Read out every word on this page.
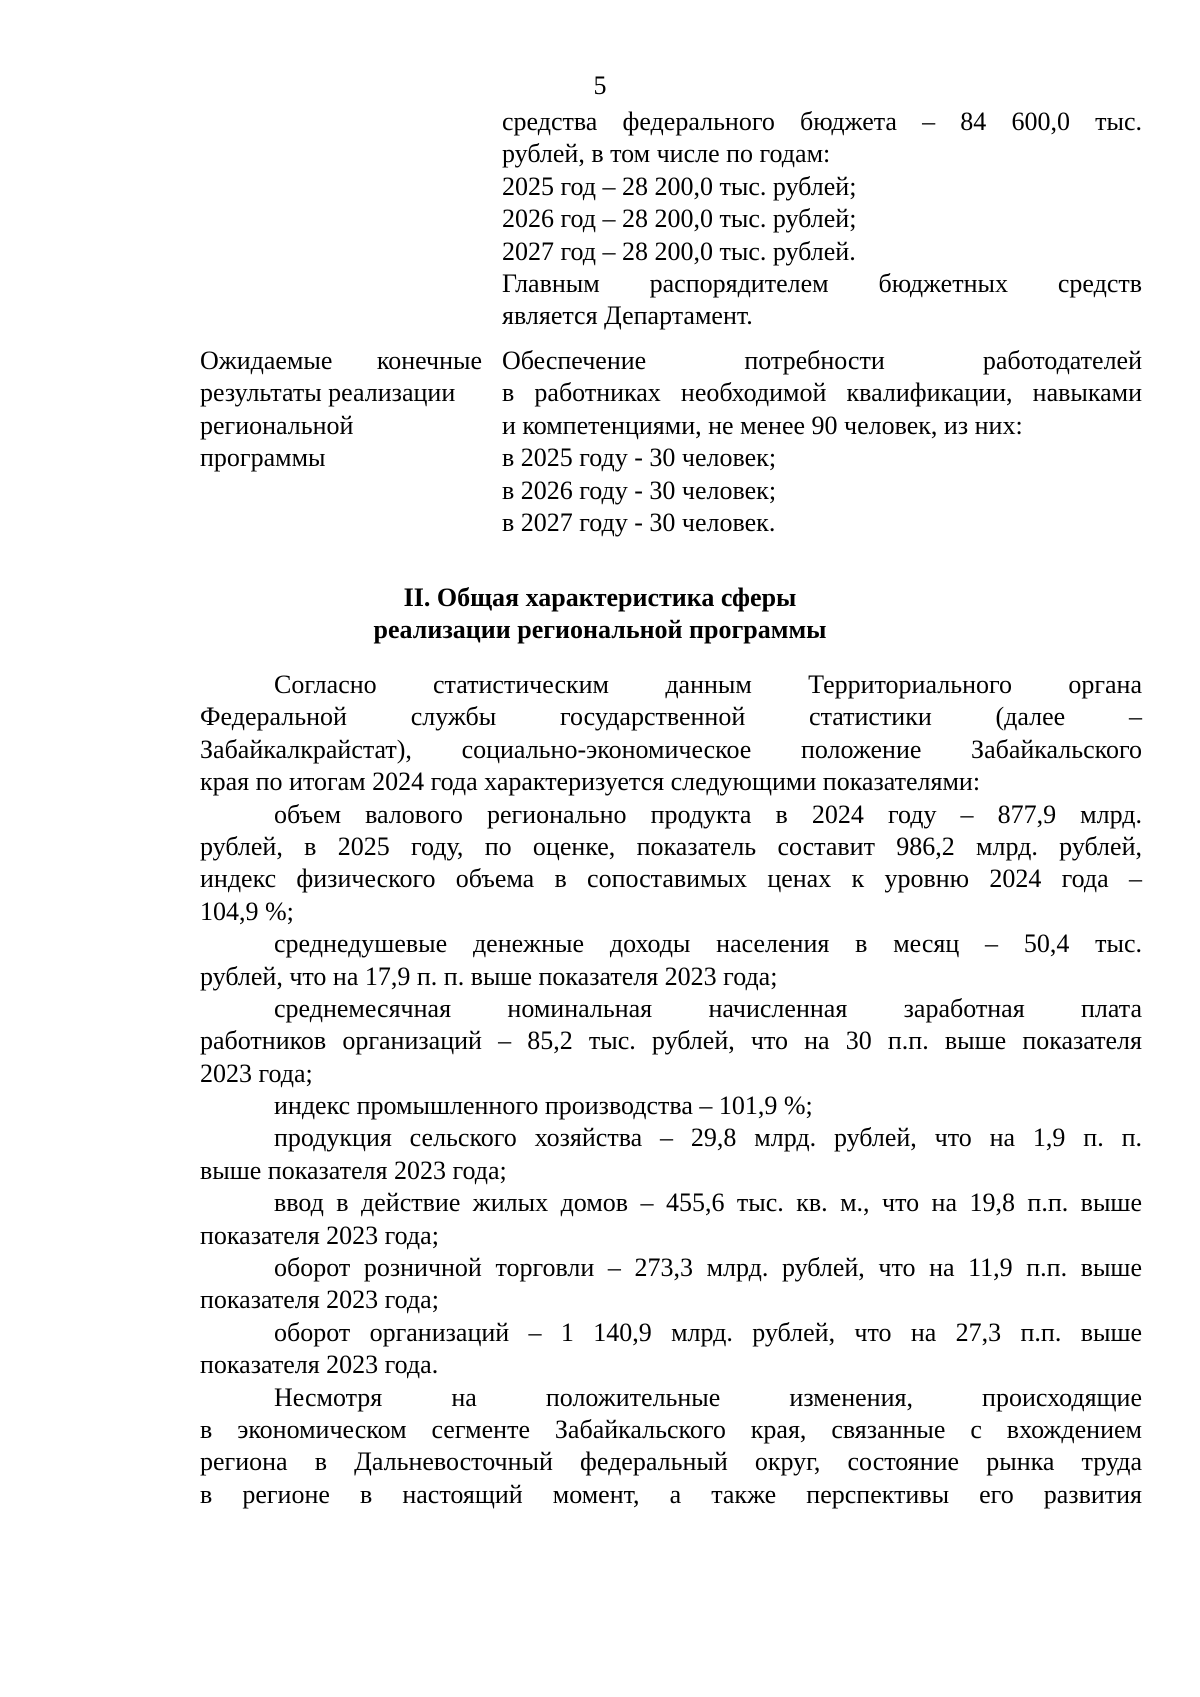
5
средства федерального бюджета – 84 600,0 тыс.
рублей, в том числе по годам:
2025 год – 28 200,0 тыс. рублей;
2026 год – 28 200,0 тыс. рублей;
2027 год – 28 200,0 тыс. рублей.
Главным распорядителем бюджетных средств
является Департамент.
Ожидаемые конечные
результаты реализации
региональной
программы
Обеспечение потребности работодателей
в работниках необходимой квалификации, навыками
и компетенциями, не менее 90 человек, из них:
в 2025 году - 30 человек;
в 2026 году - 30 человек;
в 2027 году - 30 человек.
II. Общая характеристика сферы
реализации региональной программы
Согласно статистическим данным Территориального органа
Федеральной службы государственной статистики (далее –
Забайкалкрайстат), социально-экономическое положение Забайкальского
края по итогам 2024 года характеризуется следующими показателями:
объем валового регионально продукта в 2024 году – 877,9 млрд.
рублей, в 2025 году, по оценке, показатель составит 986,2 млрд. рублей,
индекс физического объема в сопоставимых ценах к уровню 2024 года –
104,9 %;
среднедушевые денежные доходы населения в месяц – 50,4 тыс.
рублей, что на 17,9 п. п. выше показателя 2023 года;
среднемесячная номинальная начисленная заработная плата
работников организаций – 85,2 тыс. рублей, что на 30 п.п. выше показателя
2023 года;
индекс промышленного производства – 101,9 %;
продукция сельского хозяйства – 29,8 млрд. рублей, что на 1,9 п. п.
выше показателя 2023 года;
ввод в действие жилых домов – 455,6 тыс. кв. м., что на 19,8 п.п. выше
показателя 2023 года;
оборот розничной торговли – 273,3 млрд. рублей, что на 11,9 п.п. выше
показателя 2023 года;
оборот организаций – 1 140,9 млрд. рублей, что на 27,3 п.п. выше
показателя 2023 года.
Несмотря на положительные изменения, происходящие
в экономическом сегменте Забайкальского края, связанные с вхождением
региона в Дальневосточный федеральный округ, состояние рынка труда
в регионе в настоящий момент, а также перспективы его развития
